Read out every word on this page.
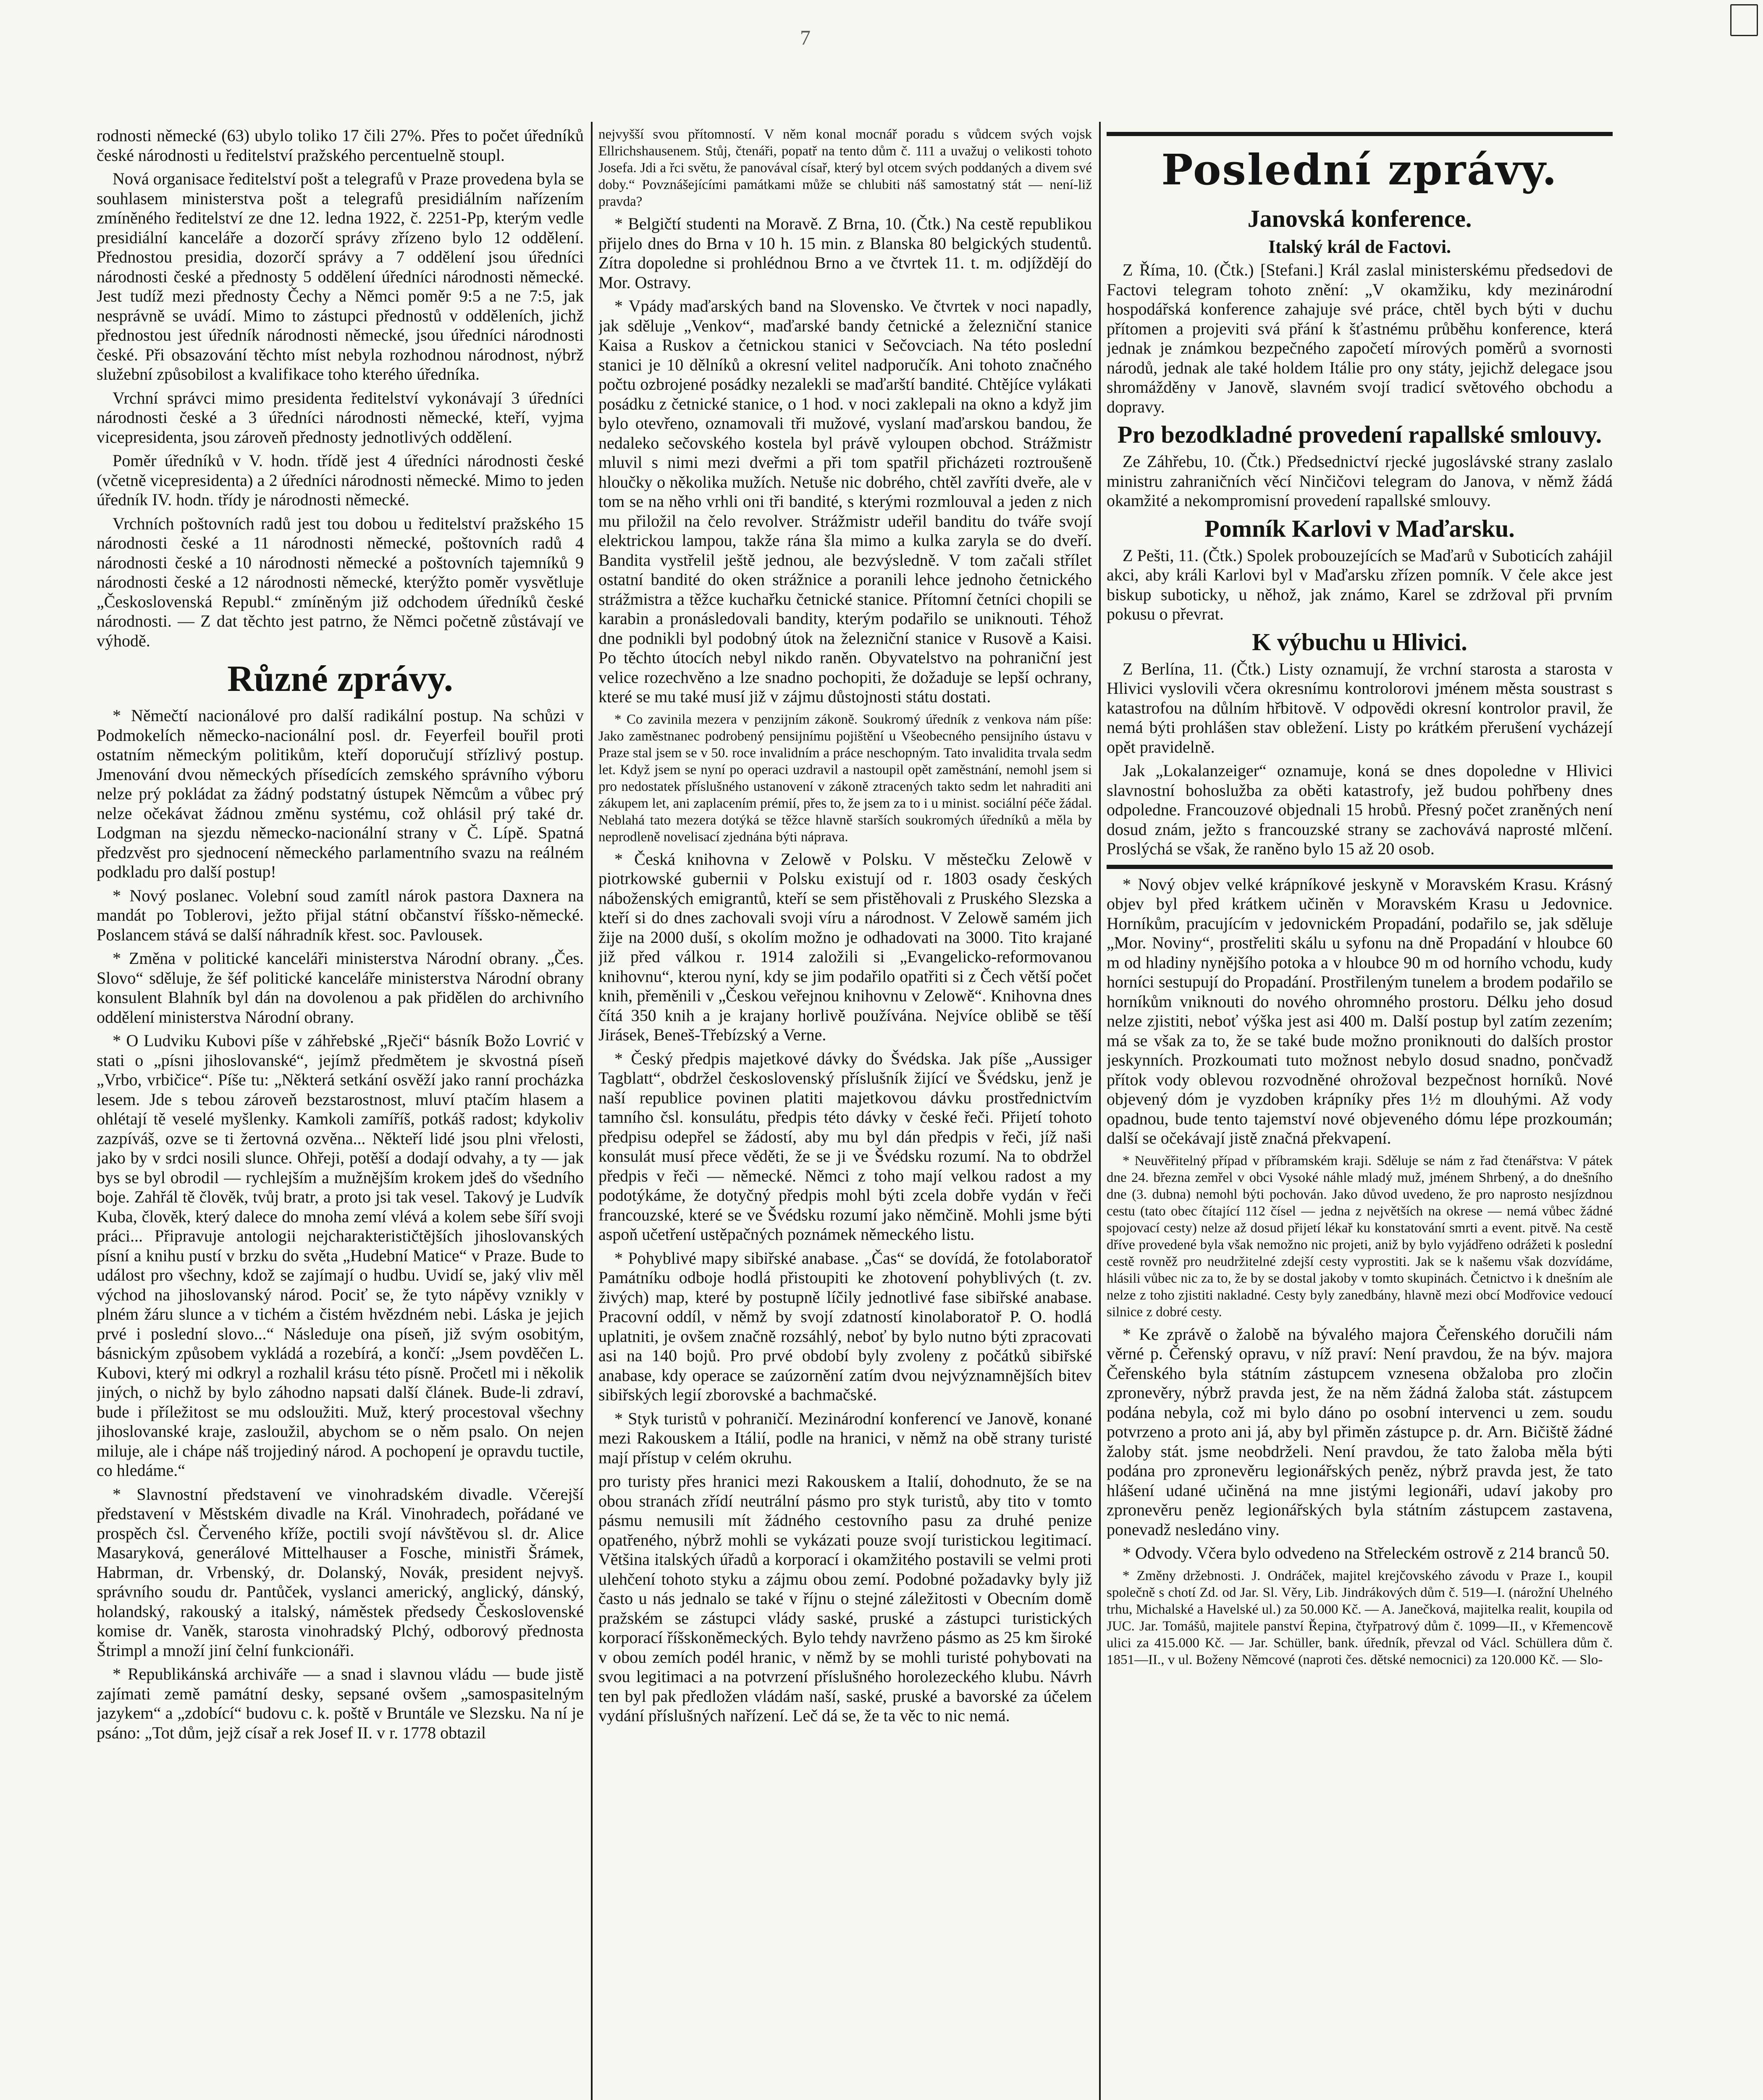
7

rodnosti německé (63) ubylo toliko 17 čili 27%. Přes to počet úředníků české národnosti u ředitelství pražského percentuelně stoupl.

Nová organisace ředitelství pošt a telegrafů v Praze provedena byla se souhlasem ministerstva pošt a telegrafů presidiálním nařízením zmíněného ředitelství ze dne 12. ledna 1922, č. 2251-Pp, kterým vedle presidiální kanceláře a dozorčí správy zřízeno bylo 12 oddělení. Přednostou presidia, dozorčí správy a 7 oddělení jsou úředníci národnosti české a přednosty 5 oddělení úředníci národnosti německé. Jest tudíž mezi přednosty Čechy a Němci poměr 9:5 a ne 7:5, jak nesprávně se uvádí. Mimo to zástupci přednostů v odděleních, jichž přednostou jest úředník národnosti německé, jsou úředníci národnosti české. Při obsazování těchto míst nebyla rozhodnou národnost, nýbrž služební způsobilost a kvalifikace toho kterého úředníka.

Vrchní správci mimo presidenta ředitelství vykonávají 3 úředníci národnosti české a 3 úředníci národnosti německé, kteří, vyjma vicepresidenta, jsou zároveň přednosty jednotlivých oddělení.

Poměr úředníků v V. hodn. třídě jest 4 úředníci národnosti české (včetně vicepresidenta) a 2 úředníci národnosti německé. Mimo to jeden úředník IV. hodn. třídy je národnosti německé.

Vrchních poštovních radů jest tou dobou u ředitelství pražského 15 národnosti české a 11 národnosti německé, poštovních radů 4 národnosti české a 10 národnosti německé a poštovních tajemníků 9 národnosti české a 12 národnosti německé, kterýžto poměr vysvětluje „Československá Republ.“ zmíněným již odchodem úředníků české národnosti. — Z dat těchto jest patrno, že Němci početně zůstávají ve výhodě.

Různé zprávy.

* Němečtí nacionálové pro další radikální postup. Na schůzi v Podmokelích německo-nacionální posl. dr. Feyerfeil bouřil proti ostatním německým politikům, kteří doporučují střízlivý postup. Jmenování dvou německých přísedících zemského správního výboru nelze prý pokládat za žádný podstatný ústupek Němcům a vůbec prý nelze očekávat žádnou změnu systému, což ohlásil prý také dr. Lodgman na sjezdu německo-nacionální strany v Č. Lípě. Spatná předzvěst pro sjednocení německého parlamentního svazu na reálném podkladu pro další postup!

* Nový poslanec. Volební soud zamítl nárok pastora Daxnera na mandát po Toblerovi, ježto přijal státní občanství říšsko-německé. Poslancem stává se další náhradník křest. soc. Pavlousek.

* Změna v politické kanceláři ministerstva Národní obrany. „Čes. Slovo“ sděluje, že šéf politické kanceláře ministerstva Národní obrany konsulent Blahník byl dán na dovolenou a pak přidělen do archivního oddělení ministerstva Národní obrany.

* O Ludviku Kubovi píše v záhřebské „Rječi“ básník Božo Lovrić v stati o „písni jihoslovanské“, jejímž předmětem je skvostná píseň „Vrbo, vrbičice“. Píše tu: „Některá setkání osvěží jako ranní procházka lesem. Jde s tebou zároveň bezstarostnost, mluví ptačím hlasem a ohlétají tě veselé myšlenky. Kamkoli zamíříš, potkáš radost; kdykoliv zazpíváš, ozve se ti žertovná ozvěna... Někteří lidé jsou plni vřelosti, jako by v srdci nosili slunce. Ohřeji, potěší a dodají odvahy, a ty — jak bys se byl obrodil — rychlejším a mužnějším krokem jdeš do všedního boje. Zahřál tě člověk, tvůj bratr, a proto jsi tak vesel. Takový je Ludvík Kuba, člověk, který dalece do mnoha zemí vlévá a kolem sebe šíří svoji práci... Připravuje antologii nejcharakterističtějších jihoslovanských písní a knihu pustí v brzku do světa „Hudební Matice“ v Praze. Bude to událost pro všechny, kdož se zajímají o hudbu. Uvidí se, jaký vliv měl východ na jihoslovanský národ. Pociť se, že tyto nápěvy vznikly v plném žáru slunce a v tichém a čistém hvězdném nebi. Láska je jejich prvé i poslední slovo...“ Následuje ona píseň, již svým osobitým, básnickým způsobem vykládá a rozebírá, a končí: „Jsem povděčen L. Kubovi, který mi odkryl a rozhalil krásu této písně. Pročetl mi i několik jiných, o nichž by bylo záhodno napsati další článek. Bude-li zdraví, bude i příležitost se mu odsloužiti. Muž, který procestoval všechny jihoslovanské kraje, zasloužil, abychom se o něm psalo. On nejen miluje, ale i chápe náš trojjediný národ. A pochopení je opravdu tuctile, co hledáme.“

* Slavnostní představení ve vinohradském divadle. Včerejší představení v Městském divadle na Král. Vinohradech, pořádané ve prospěch čsl. Červeného kříže, poctili svojí návštěvou sl. dr. Alice Masaryková, generálové Mittelhauser a Fosche, ministři Šrámek, Habrman, dr. Vrbenský, dr. Dolanský, Novák, president nejvyš. správního soudu dr. Pantůček, vyslanci americký, anglický, dánský, holandský, rakouský a italský, náměstek předsedy Československé komise dr. Vaněk, starosta vinohradský Plchý, odborový přednosta Štrimpl a množí jiní čelní funkcionáři.

* Republikánská archiváře — a snad i slavnou vládu — bude jistě zajímati země památní desky, sepsané ovšem „samospasitelným jazykem“ a „zdobící“ budovu c. k. poště v Bruntále ve Slezsku. Na ní je psáno: „Tot dům, jejž císař a rek Josef II. v r. 1778 obtazil

nejvyšší svou přítomností. V něm konal mocnář poradu s vůdcem svých vojsk Ellrichshausenem. Stůj, čtenáři, popatř na tento dům č. 111 a uvažuj o velikosti tohoto Josefa. Jdi a řci světu, že panovával císař, který byl otcem svých poddaných a divem své doby.“ Povznášejícími památkami může se chlubiti náš samostatný stát — není-liž pravda?

* Belgičtí studenti na Moravě. Z Brna, 10. (Čtk.) Na cestě republikou přijelo dnes do Brna v 10 h. 15 min. z Blanska 80 belgických studentů. Zítra dopoledne si prohlédnou Brno a ve čtvrtek 11. t. m. odjíždějí do Mor. Ostravy.

* Vpády maďarských band na Slovensko. Ve čtvrtek v noci napadly, jak sděluje „Venkov“, maďarské bandy četnické a železniční stanice Kaisa a Ruskov a četnickou stanici v Sečovciach. Na této poslední stanici je 10 dělníků a okresní velitel nadporučík. Ani tohoto značného počtu ozbrojené posádky nezalekli se maďarští bandité. Chtějíce vylákati posádku z četnické stanice, o 1 hod. v noci zaklepali na okno a když jim bylo otevřeno, oznamovali tři mužové, vyslaní maďarskou bandou, že nedaleko sečovského kostela byl právě vyloupen obchod. Strážmistr mluvil s nimi mezi dveřmi a při tom spatřil přicházeti roztroušeně hloučky o několika mužích. Netuše nic dobrého, chtěl zavříti dveře, ale v tom se na něho vrhli oni tři bandité, s kterými rozmlouval a jeden z nich mu přiložil na čelo revolver. Strážmistr udeřil banditu do tváře svojí elektrickou lampou, takže rána šla mimo a kulka zaryla se do dveří. Bandita vystřelil ještě jednou, ale bezvýsledně. V tom začali střílet ostatní bandité do oken strážnice a poranili lehce jednoho četnického strážmistra a těžce kuchařku četnické stanice. Přítomní četníci chopili se karabin a pronásledovali bandity, kterým podařilo se uniknouti. Téhož dne podnikli byl podobný útok na železniční stanice v Rusově a Kaisi. Po těchto útocích nebyl nikdo raněn. Obyvatelstvo na pohraniční jest velice rozechvěno a lze snadno pochopiti, že dožaduje se lepší ochrany, které se mu také musí již v zájmu důstojnosti státu dostati.

* Co zavinila mezera v penzijním zákoně. Soukromý úředník z venkova nám píše: Jako zaměstnanec podrobený pensijnímu pojištění u Všeobecného pensijního ústavu v Praze stal jsem se v 50. roce invalidním a práce neschopným. Tato invalidita trvala sedm let. Když jsem se nyní po operaci uzdravil a nastoupil opět zaměstnání, nemohl jsem si pro nedostatek příslušného ustanovení v zákoně ztracených takto sedm let nahraditi ani zákupem let, ani zaplacením prémií, přes to, že jsem za to i u minist. sociální péče žádal. Neblahá tato mezera dotýká se těžce hlavně starších soukromých úředníků a měla by neprodleně novelisací zjednána býti náprava.

* Česká knihovna v Zelowě v Polsku. V městečku Zelowě v piotrkowské gubernii v Polsku existují od r. 1803 osady českých náboženských emigrantů, kteří se sem přistěhovali z Pruského Slezska a kteří si do dnes zachovali svoji víru a národnost. V Zelowě samém jich žije na 2000 duší, s okolím možno je odhadovati na 3000. Tito krajané již před válkou r. 1914 založili si „Evangelicko-reformovanou knihovnu“, kterou nyní, kdy se jim podařilo opatřiti si z Čech větší počet knih, přeměnili v „Českou veřejnou knihovnu v Zelowě“. Knihovna dnes čítá 350 knih a je krajany horlivě používána. Nejvíce oblibě se těší Jirásek, Beneš-Třebízský a Verne.

* Český předpis majetkové dávky do Švédska. Jak píše „Aussiger Tagblatt“, obdržel československý příslušník žijící ve Švédsku, jenž je naší republice povinen platiti majetkovou dávku prostřednictvím tamního čsl. konsulátu, předpis této dávky v české řeči. Přijetí tohoto předpisu odepřel se žádostí, aby mu byl dán předpis v řeči, jíž naši konsulát musí přece věděti, že se ji ve Švédsku rozumí. Na to obdržel předpis v řeči — německé. Němci z toho mají velkou radost a my podotýkáme, že dotyčný předpis mohl býti zcela dobře vydán v řeči francouzské, které se ve Švédsku rozumí jako němčině. Mohli jsme býti aspoň učetření ustěpačných poznámek německého listu.

* Pohyblivé mapy sibiřské anabase. „Čas“ se dovídá, že fotolaboratoř Památníku odboje hodlá přistoupiti ke zhotovení pohyblivých (t. zv. živých) map, které by postupně líčily jednotlivé fase sibiřské anabase. Pracovní oddíl, v němž by svojí zdatností kinolaboratoř P. O. hodlá uplatniti, je ovšem značně rozsáhlý, neboť by bylo nutno býti zpracovati asi na 140 bojů. Pro prvé období byly zvoleny z počátků sibiřské anabase, kdy operace se zaúzornění zatím dvou nejvýznamnějších bitev sibiřských legií zborovské a bachmačské.

* Styk turistů v pohraničí. Mezinárodní konferencí ve Janově, konané mezi Rakouskem a Itálií, podle na hranici, v němž na obě strany turisté mají přístup v celém okruhu.

pro turisty přes hranici mezi Rakouskem a Italií, dohodnuto, že se na obou stranách zřídí neutrální pásmo pro styk turistů, aby tito v tomto pásmu nemusili mít žádného cestovního pasu za druhé penize opatřeného, nýbrž mohli se vykázati pouze svojí turistickou legitimací. Většina italských úřadů a korporací i okamžitého postavili se velmi proti ulehčení tohoto styku a zájmu obou zemí. Podobné požadavky byly již často u nás jednalo se také v říjnu o stejné záležitosti v Obecním domě pražském se zástupci vlády saské, pruské a zástupci turistických korporací říšskoněmeckých. Bylo tehdy navrženo pásmo as 25 km široké v obou zemích podél hranic, v němž by se mohli turisté pohybovati na svou legitimaci a na potvrzení příslušného horolezeckého klubu. Návrh ten byl pak předložen vládám naší, saské, pruské a bavorské za účelem vydání příslušných nařízení. Leč dá se, že ta věc to nic nemá.

Poslední zprávy.
Janovská konference.
Italský král de Factovi.

Z Říma, 10. (Čtk.) [Stefani.] Král zaslal ministerskému předsedovi de Factovi telegram tohoto znění: „V okamžiku, kdy mezinárodní hospodářská konference zahajuje své práce, chtěl bych býti v duchu přítomen a projeviti svá přání k šťastnému průběhu konference, která jednak je známkou bezpečného započetí mírových poměrů a svornosti národů, jednak ale také holdem Itálie pro ony státy, jejichž delegace jsou shromážděny v Janově, slavném svojí tradicí světového obchodu a dopravy.

Pro bezodkladné provedení rapallské smlouvy.

Ze Záhřebu, 10. (Čtk.) Předsednictví rjecké jugoslávské strany zaslalo ministru zahraničních věcí Ninčičovi telegram do Janova, v němž žádá okamžité a nekompromisní provedení rapallské smlouvy.

Pomník Karlovi v Maďarsku.

Z Pešti, 11. (Čtk.) Spolek probouzejících se Maďarů v Suboticích zahájil akci, aby králi Karlovi byl v Maďarsku zřízen pomník. V čele akce jest biskup suboticky, u něhož, jak známo, Karel se zdržoval při prvním pokusu o převrat.

K výbuchu u Hlivici.

Z Berlína, 11. (Čtk.) Listy oznamují, že vrchní starosta a starosta v Hlivici vyslovili včera okresnímu kontrolorovi jménem města soustrast s katastrofou na důlním hřbitově. V odpovědi okresní kontrolor pravil, že nemá býti prohlášen stav obležení. Listy po krátkém přerušení vycházejí opět pravidelně.

Jak „Lokalanzeiger“ oznamuje, koná se dnes dopoledne v Hlivici slavnostní bohoslužba za oběti katastrofy, jež budou pohřbeny dnes odpoledne. Francouzové objednali 15 hrobů. Přesný počet zraněných není dosud znám, ježto s francouzské strany se zachovává naprosté mlčení. Proslýchá se však, že raněno bylo 15 až 20 osob.

* Nový objev velké krápníkové jeskyně v Moravském Krasu. Krásný objev byl před krátkem učiněn v Moravském Krasu u Jedovnice. Horníkům, pracujícím v jedovnickém Propadání, podařilo se, jak sděluje „Mor. Noviny“, prostřeliti skálu u syfonu na dně Propadání v hloubce 60 m od hladiny nynějšího potoka a v hloubce 90 m od horního vchodu, kudy horníci sestupují do Propadání. Prostřileným tunelem a brodem podařilo se horníkům vniknouti do nového ohromného prostoru. Délku jeho dosud nelze zjistiti, neboť výška jest asi 400 m. Další postup byl zatím zezením; má se však za to, že se také bude možno proniknouti do dalších prostor jeskynních. Prozkoumati tuto možnost nebylo dosud snadno, pončvadž přítok vody oblevou rozvodněné ohrožoval bezpečnost horníků. Nové objevený dóm je vyzdoben krápníky přes 1½ m dlouhými. Až vody opadnou, bude tento tajemství nové objeveného dómu lépe prozkoumán; další se očekávají jistě značná překvapení.

* Neuvěřitelný případ v příbramském kraji. Sděluje se nám z řad čtenářstva: V pátek dne 24. března zemřel v obci Vysoké náhle mladý muž, jménem Shrbený, a do dnešního dne (3. dubna) nemohl býti pochován. Jako důvod uvedeno, že pro naprosto nesjízdnou cestu (tato obec čítající 112 čísel — jedna z největších na okrese — nemá vůbec žádné spojovací cesty) nelze až dosud přijetí lékař ku konstatování smrti a event. pitvě. Na cestě dříve provedené byla však nemožno nic projeti, aniž by bylo vyjádřeno odrážeti k poslední cestě rovněž pro neudržitelné zdejší cesty vyprostiti. Jak se k našemu však dozvídáme, hlásili vůbec nic za to, že by se dostal jakoby v tomto skupinách. Četnictvo i k dnešním ale nelze z toho zjistiti nakladné. Cesty byly zanedbány, hlavně mezi obcí Modřovice vedoucí silnice z dobré cesty.

* Ke zprávě o žalobě na bývalého majora Čeřenského doručili nám věrné p. Čeřenský opravu, v níž praví: Není pravdou, že na býv. majora Čeřenského byla státním zástupcem vznesena obžaloba pro zločin zpronevěry, nýbrž pravda jest, že na něm žádná žaloba stát. zástupcem podána nebyla, což mi bylo dáno po osobní intervenci u zem. soudu potvrzeno a proto ani já, aby byl přiměn zástupce p. dr. Arn. Bičiště žádné žaloby stát. jsme neobdrželi. Není pravdou, že tato žaloba měla býti podána pro zpronevěru legionářských peněz, nýbrž pravda jest, že tato hlášení udané učiněná na mne jistými legionáři, udaví jakoby pro zpronevěru peněz legionářských byla státním zástupcem zastavena, ponevadž nesledáno viny.

* Odvody. Včera bylo odvedeno na Střeleckém ostrově z 214 branců 50.

* Změny držebnosti. J. Ondráček, majitel krejčovského závodu v Praze I., koupil společně s chotí Zd. od Jar. Sl. Věry, Lib. Jindrákových dům č. 519—I. (nárožní Uhelného trhu, Michalské a Havelské ul.) za 50.000 Kč. — A. Janečková, majitelka realit, koupila od JUC. Jar. Tomášů, majitele panství Řepina, čtyřpatrový dům č. 1099—II., v Křemencově ulici za 415.000 Kč. — Jar. Schüller, bank. úředník, převzal od Václ. Schüllera dům č. 1851—II., v ul. Boženy Němcové (naproti čes. dětské nemocnici) za 120.000 Kč. — Slo-
